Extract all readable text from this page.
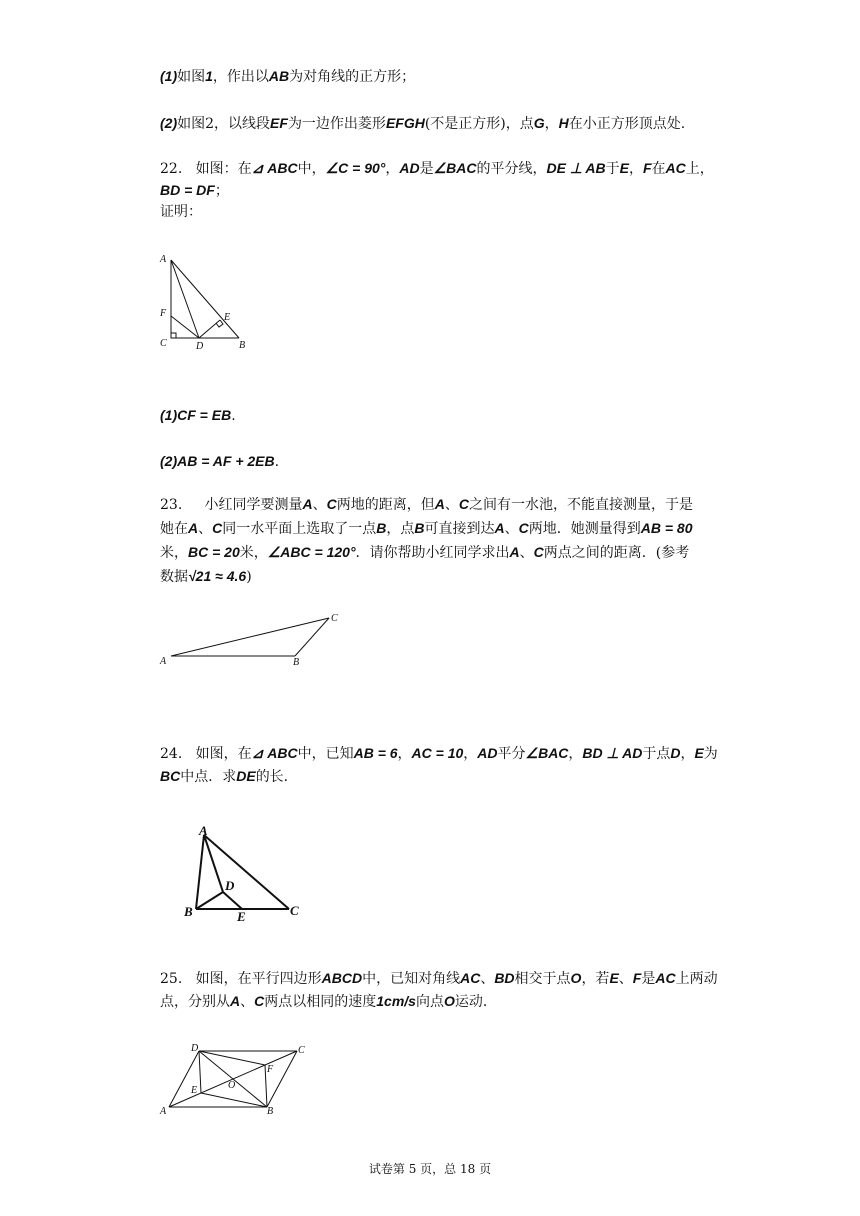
(1)如图1，作出以AB为对角线的正方形；
(2)如图2，以线段EF为一边作出菱形EFGH(不是正方形)，点G，H在小正方形顶点处.
22. 如图：在⊿ ABC中，∠C = 90°，AD是∠BAC的平分线，DE ⊥ AB于E，F在AC上，
BD = DF；
证明：
A
F
C	D
E
B
(1)CF = EB.
(2)AB = AF + 2EB.
23. 小红同学要测量A、C两地的距离，但A、C之间有一水池，不能直接测量，于是
她在A、C同一水平面上选取了一点B，点B可直接到达A、C两地．她测量得到AB = 80
米，BC = 20米，∠ABC = 120°．请你帮助小红同学求出A、C两点之间的距离．(参考
数据√21 ≈ 4.6)
A	B
C
24. 如图，在⊿ ABC中，已知AB = 6，AC = 10，AD平分∠BAC，BD ⊥ AD于点D，E为
BC中点．求DE的长．
A
D
B	E	C
25. 如图，在平行四边形ABCD中，已知对角线AC、BD相交于点O，若E、F是AC上两动
点，分别从A、C两点以相同的速度1cm/s向点O运动．
D	C
E	O
F
A	B
试卷第 5 页，总 18 页
